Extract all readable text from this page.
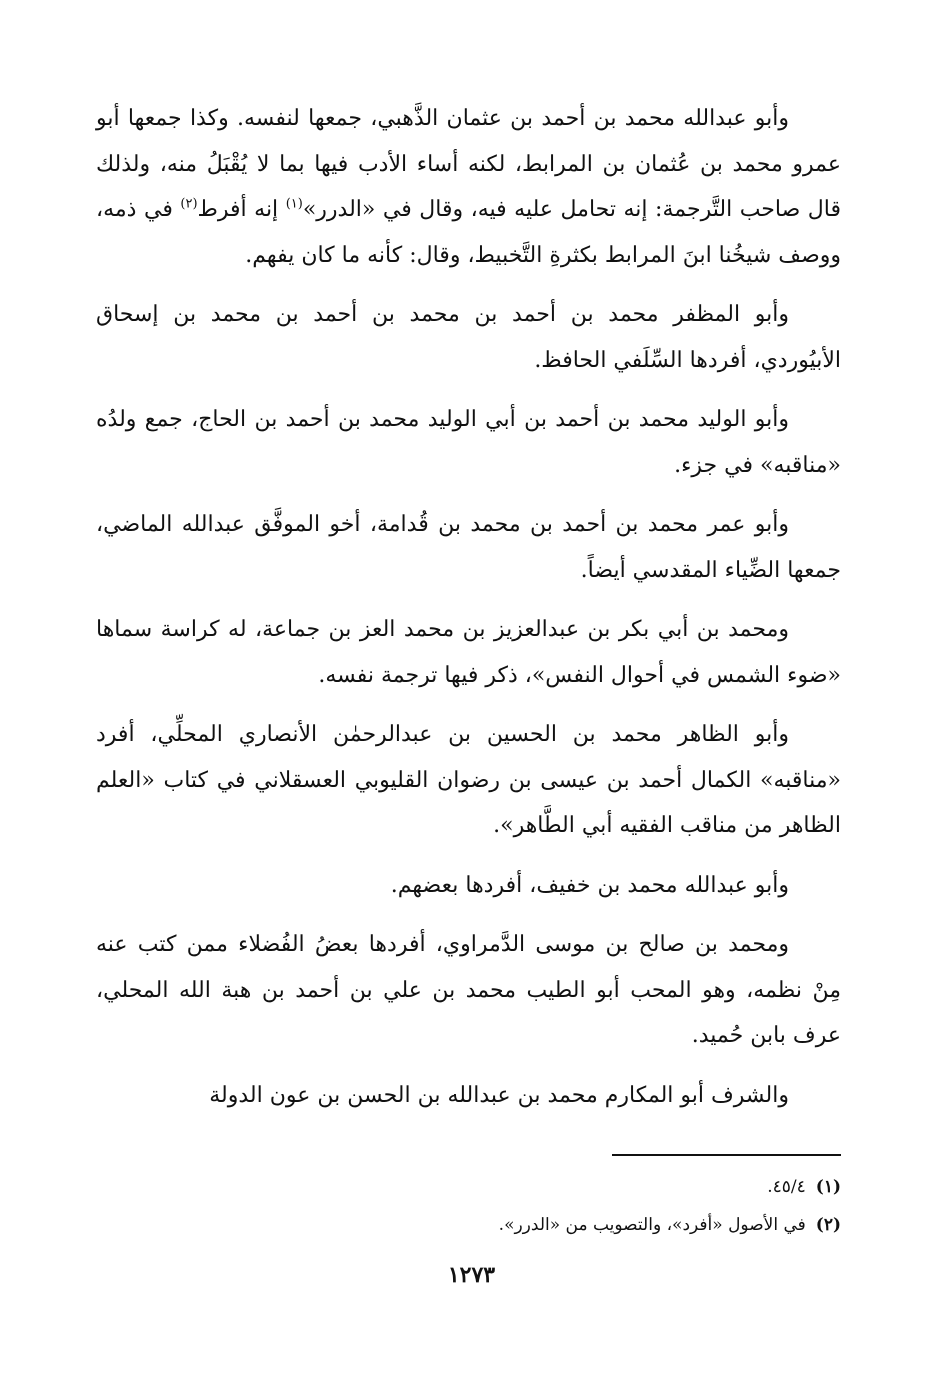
وأبو عبدالله محمد بن أحمد بن عثمان الذَّهبي، جمعها لنفسه. وكذا جمعها أبو عمرو محمد بن عُثمان بن المرابط، لكنه أساء الأدب فيها بما لا يُقْبَلُ منه، ولذلك قال صاحب التَّرجمة: إنه تحامل عليه فيه، وقال في «الدرر»$^{(١)}$ إنه أفرط$^{(٢)}$ في ذمه، ووصف شيخُنا ابنَ المرابط بكثرةِ التَّخبيط، وقال: كأنه ما كان يفهم.

وأبو المظفر محمد بن أحمد بن محمد بن أحمد بن محمد بن إسحاق الأبيُوردي، أفردها السِّلَفي الحافظ.

وأبو الوليد محمد بن أحمد بن أبي الوليد محمد بن أحمد بن الحاج، جمع ولدُه «مناقبه» في جزء.

وأبو عمر محمد بن أحمد بن محمد بن قُدامة، أخو الموفَّق عبدالله الماضي، جمعها الضِّياء المقدسي أيضاً.

ومحمد بن أبي بكر بن عبدالعزيز بن محمد العز بن جماعة، له كراسة سماها «ضوء الشمس في أحوال النفس»، ذكر فيها ترجمة نفسه.

وأبو الظاهر محمد بن الحسين بن عبدالرحمٰن الأنصاري المحلِّي، أفرد «مناقبه» الكمال أحمد بن عيسى بن رضوان القليوبي العسقلاني في كتاب «العلم الظاهر من مناقب الفقيه أبي الطَّاهر».

وأبو عبدالله محمد بن خفيف، أفردها بعضهم.

ومحمد بن صالح بن موسى الدَّمراوي، أفردها بعضُ الفُضلاء ممن كتب عنه مِنْ نظمه، وهو المحب أبو الطيب محمد بن علي بن أحمد بن هبة الله المحلي، عرف بابن حُميد.

والشرف أبو المكارم محمد بن عبدالله بن الحسن بن عون الدولة

(١)٤٥/٤.

(٢)في الأصول «أفرد»، والتصويب من «الدرر».

١٢٧٣
